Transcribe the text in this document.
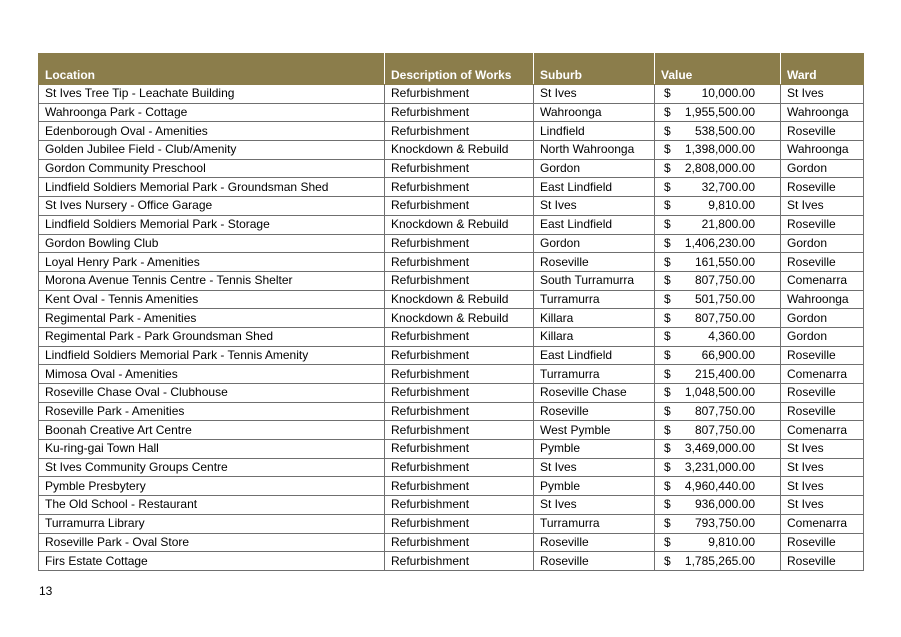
Location	Description of Works	Suburb	Value	Ward
St Ives Tree Tip - Leachate Building	Refurbishment	St Ives	$ 10,000.00	St Ives
Wahroonga Park - Cottage	Refurbishment	Wahroonga	$ 1,955,500.00	Wahroonga
Edenborough Oval - Amenities	Refurbishment	Lindfield	$ 538,500.00	Roseville
Golden Jubilee Field - Club/Amenity	Knockdown & Rebuild	North Wahroonga	$ 1,398,000.00	Wahroonga
Gordon Community Preschool	Refurbishment	Gordon	$ 2,808,000.00	Gordon
Lindfield Soldiers Memorial Park - Groundsman Shed	Refurbishment	East Lindfield	$ 32,700.00	Roseville
St Ives Nursery - Office Garage	Refurbishment	St Ives	$ 9,810.00	St Ives
Lindfield Soldiers Memorial Park - Storage	Knockdown & Rebuild	East Lindfield	$ 21,800.00	Roseville
Gordon Bowling Club	Refurbishment	Gordon	$ 1,406,230.00	Gordon
Loyal Henry Park - Amenities	Refurbishment	Roseville	$ 161,550.00	Roseville
Morona Avenue Tennis Centre - Tennis Shelter	Refurbishment	South Turramurra	$ 807,750.00	Comenarra
Kent Oval - Tennis Amenities	Knockdown & Rebuild	Turramurra	$ 501,750.00	Wahroonga
Regimental Park - Amenities	Knockdown & Rebuild	Killara	$ 807,750.00	Gordon
Regimental Park - Park Groundsman Shed	Refurbishment	Killara	$ 4,360.00	Gordon
Lindfield Soldiers Memorial Park - Tennis Amenity	Refurbishment	East Lindfield	$ 66,900.00	Roseville
Mimosa Oval - Amenities	Refurbishment	Turramurra	$ 215,400.00	Comenarra
Roseville Chase Oval - Clubhouse	Refurbishment	Roseville Chase	$ 1,048,500.00	Roseville
Roseville Park - Amenities	Refurbishment	Roseville	$ 807,750.00	Roseville
Boonah Creative Art Centre	Refurbishment	West Pymble	$ 807,750.00	Comenarra
Ku-ring-gai Town Hall	Refurbishment	Pymble	$ 3,469,000.00	St Ives
St Ives Community Groups Centre	Refurbishment	St Ives	$ 3,231,000.00	St Ives
Pymble Presbytery	Refurbishment	Pymble	$ 4,960,440.00	St Ives
The Old School - Restaurant	Refurbishment	St Ives	$ 936,000.00	St Ives
Turramurra Library	Refurbishment	Turramurra	$ 793,750.00	Comenarra
Roseville Park - Oval Store	Refurbishment	Roseville	$ 9,810.00	Roseville
Firs Estate Cottage	Refurbishment	Roseville	$ 1,785,265.00	Roseville
13
